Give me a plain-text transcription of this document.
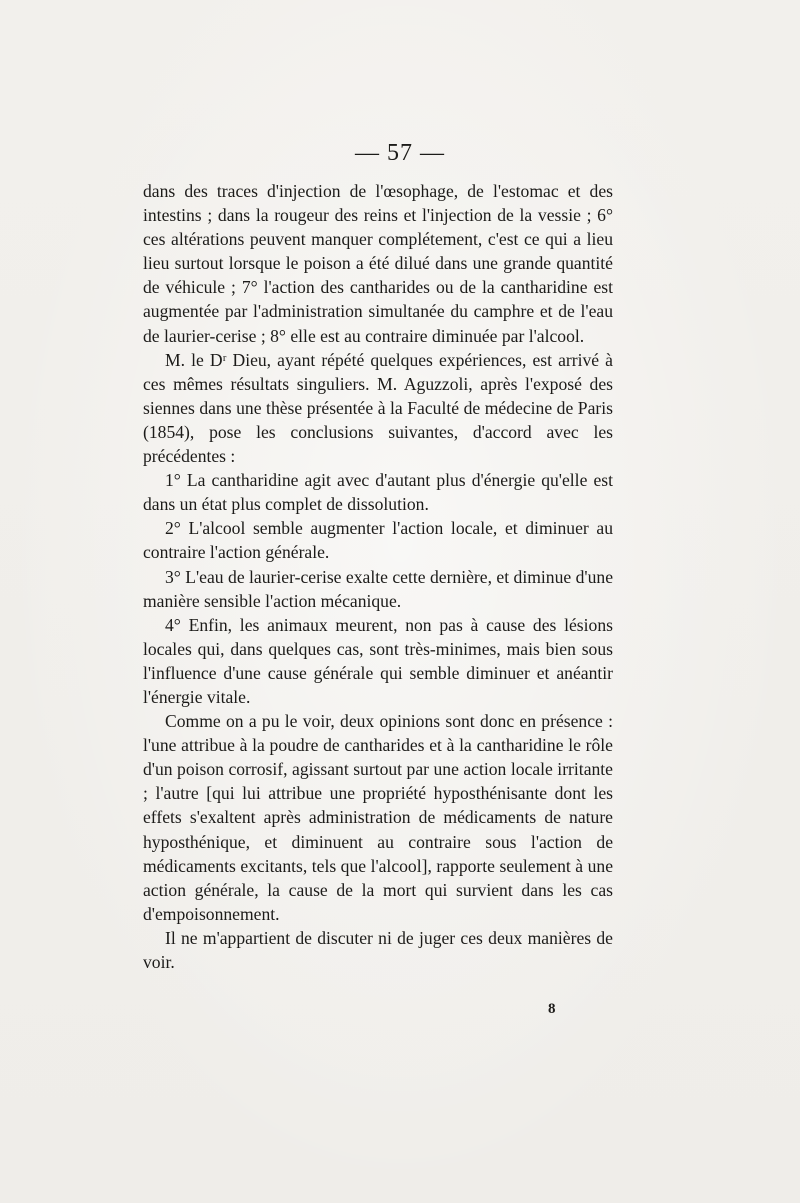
— 57 —

dans des traces d'injection de l'œsophage, de l'estomac et des intestins ; dans la rougeur des reins et l'injection de la vessie ; 6° ces altérations peuvent manquer complétement, c'est ce qui a lieu lieu surtout lorsque le poison a été dilué dans une grande quantité de véhicule ; 7° l'action des cantharides ou de la cantharidine est augmentée par l'administration simultanée du camphre et de l'eau de laurier-cerise ; 8° elle est au contraire diminuée par l'alcool.

M. le Dʳ Dieu, ayant répété quelques expériences, est arrivé à ces mêmes résultats singuliers. M. Aguzzoli, après l'exposé des siennes dans une thèse présentée à la Faculté de médecine de Paris (1854), pose les conclusions suivantes, d'accord avec les précédentes :

1° La cantharidine agit avec d'autant plus d'énergie qu'elle est dans un état plus complet de dissolution.

2° L'alcool semble augmenter l'action locale, et diminuer au contraire l'action générale.

3° L'eau de laurier-cerise exalte cette dernière, et diminue d'une manière sensible l'action mécanique.

4° Enfin, les animaux meurent, non pas à cause des lésions locales qui, dans quelques cas, sont très-minimes, mais bien sous l'influence d'une cause générale qui semble diminuer et anéantir l'énergie vitale.

Comme on a pu le voir, deux opinions sont donc en présence : l'une attribue à la poudre de cantharides et à la cantharidine le rôle d'un poison corrosif, agissant surtout par une action locale irritante ; l'autre [qui lui attribue une propriété hyposthénisante dont les effets s'exaltent après administration de médicaments de nature hyposthénique, et diminuent au contraire sous l'action de médicaments excitants, tels que l'alcool], rapporte seulement à une action générale, la cause de la mort qui survient dans les cas d'empoisonnement.

Il ne m'appartient de discuter ni de juger ces deux manières de voir.

8
